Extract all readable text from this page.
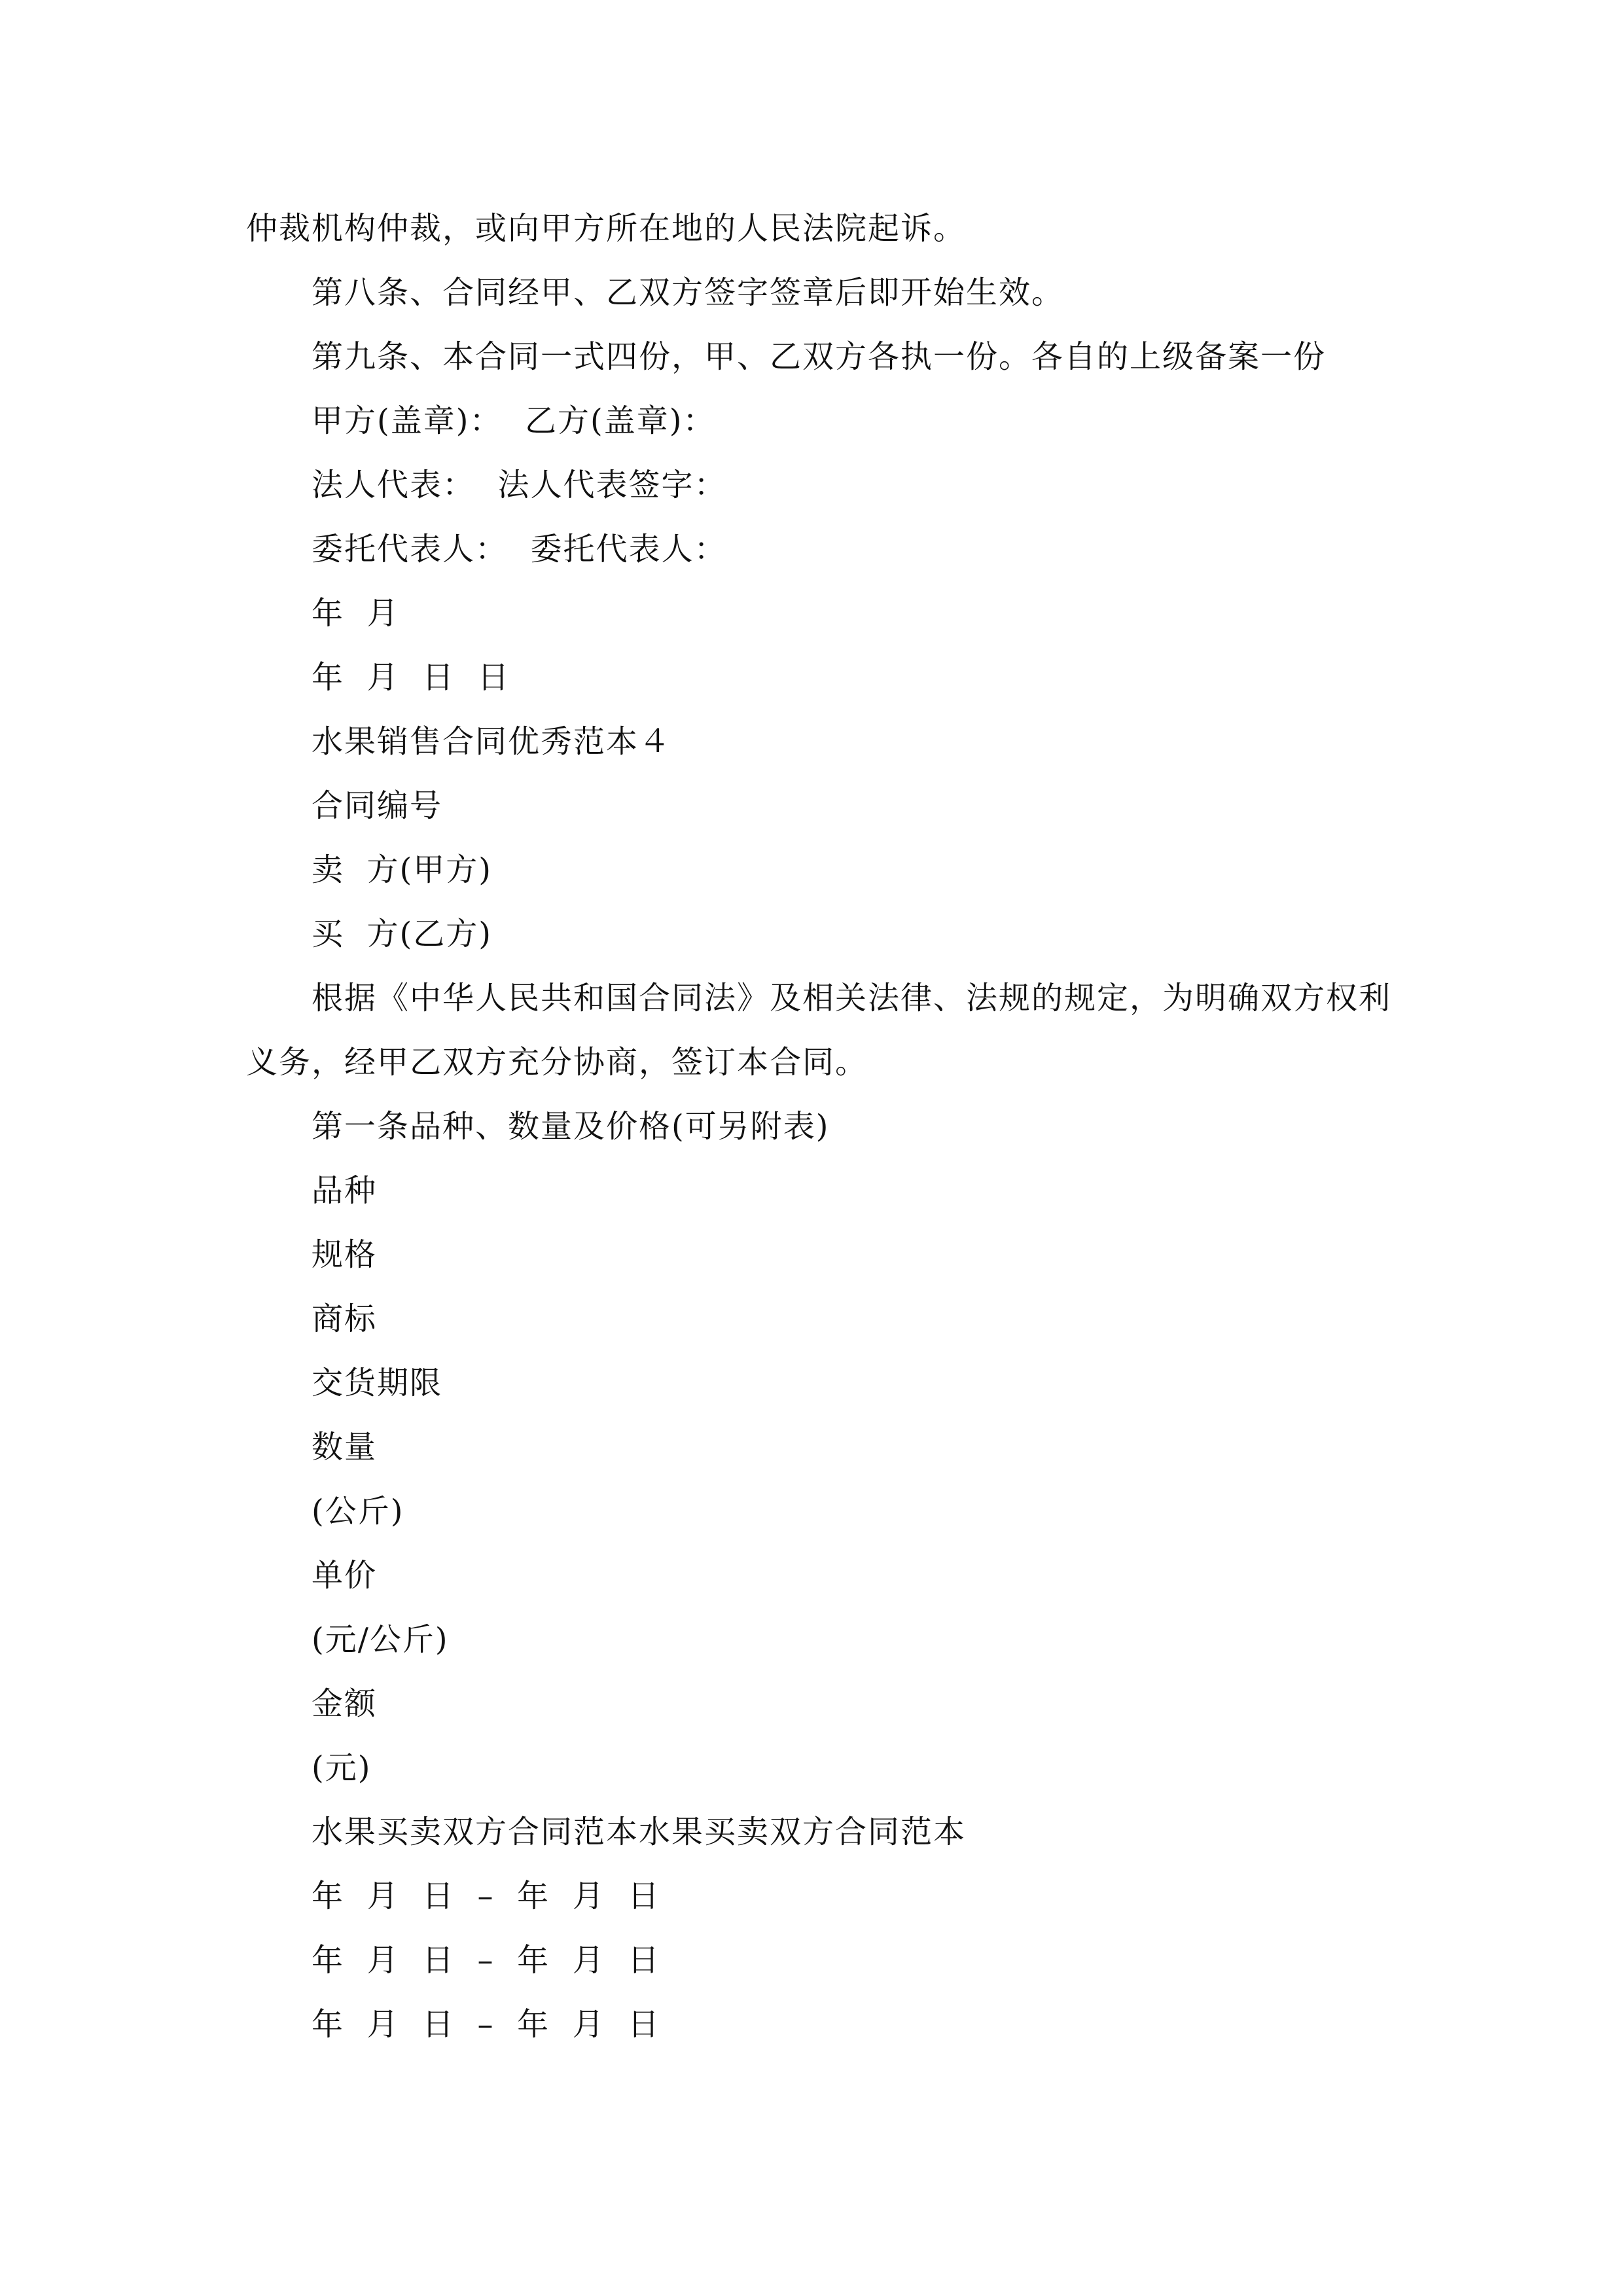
仲裁机构仲裁，或向甲方所在地的人民法院起诉。
第八条、合同经甲、乙双方签字签章后即开始生效。
第九条、本合同一式四份，甲、乙双方各执一份。各自的上级备案一份
甲方(盖章)：  乙方(盖章)：
法人代表：  法人代表签字：
委托代表人：  委托代表人：
年  月
年  月  日  日
水果销售合同优秀范本４
合同编号
卖  方(甲方)
买  方(乙方)
根据《中华人民共和国合同法》及相关法律、法规的规定，为明确双方权利
义务，经甲乙双方充分协商，签订本合同。
第一条品种、数量及价格(可另附表)
品种
规格
商标
交货期限
数量
(公斤)
单价
(元/公斤)
金额
(元)
水果买卖双方合同范本水果买卖双方合同范本
年  月  日  –  年  月  日
年  月  日  –  年  月  日
年  月  日  –  年  月  日
